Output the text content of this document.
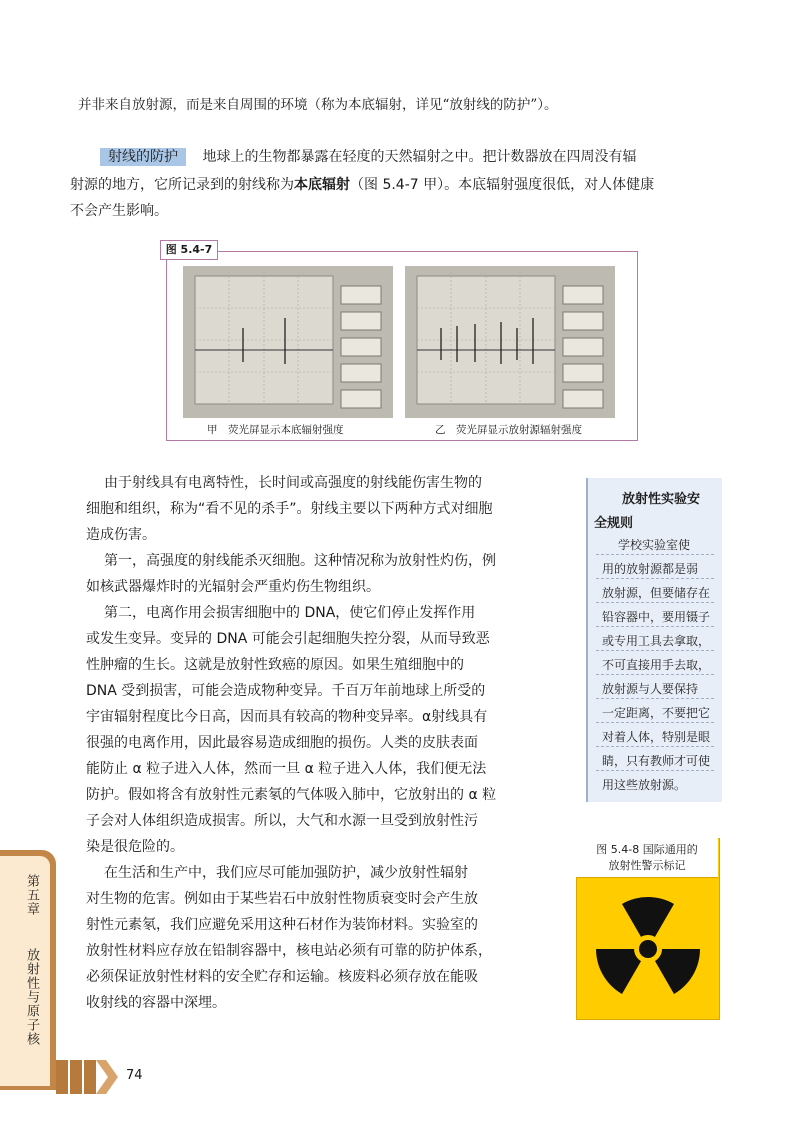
并非来自放射源，而是来自周围的环境（称为本底辐射，详见“放射线的防护”）。
射线的防护 地球上的生物都暴露在轻度的天然辐射之中。把计数器放在四周没有辐
射源的地方，它所记录到的射线称为本底辐射（图 5.4-7 甲）。本底辐射强度很低，对人体健康
不会产生影响。
甲　荧光屏显示本底辐射强度	乙　荧光屏显示放射源辐射强度
图 5.4-7
由于射线具有电离特性，长时间或高强度的射线能伤害生物的
细胞和组织，称为“看不见的杀手”。射线主要以下两种方式对细胞
造成伤害。
第一，高强度的射线能杀灭细胞。这种情况称为放射性灼伤，例
如核武器爆炸时的光辐射会严重灼伤生物组织。
第二，电离作用会损害细胞中的 DNA，使它们停止发挥作用
或发生变异。变异的 DNA 可能会引起细胞失控分裂，从而导致恶
性肿瘤的生长。这就是放射性致癌的原因。如果生殖细胞中的
DNA 受到损害，可能会造成物种变异。千百万年前地球上所受的
宇宙辐射程度比今日高，因而具有较高的物种变异率。α射线具有
很强的电离作用，因此最容易造成细胞的损伤。人类的皮肤表面
能防止 α 粒子进入人体，然而一旦 α 粒子进入人体，我们便无法
防护。假如将含有放射性元素氡的气体吸入肺中，它放射出的 α 粒
子会对人体组织造成损害。所以，大气和水源一旦受到放射性污
染是很危险的。
在生活和生产中，我们应尽可能加强防护，减少放射性辐射
对生物的危害。例如由于某些岩石中放射性物质衰变时会产生放
射性元素氡，我们应避免采用这种石材作为装饰材料。实验室的
放射性材料应存放在铅制容器中，核电站必须有可靠的防护体系，
必须保证放射性材料的安全贮存和运输。核废料必须存放在能吸
收射线的容器中深埋。
放射性实验安
全规则
学校实验室使
用的放射源都是弱
放射源，但要储存在
铅容器中，要用镊子
或专用工具去拿取，
不可直接用手去取，
放射源与人要保持
一定距离，不要把它
对着人体，特别是眼
睛，只有教师才可使
用这些放射源。
图 5.4-8 国际通用的
放射性警示标记
第五章
放射性与原子核
74
